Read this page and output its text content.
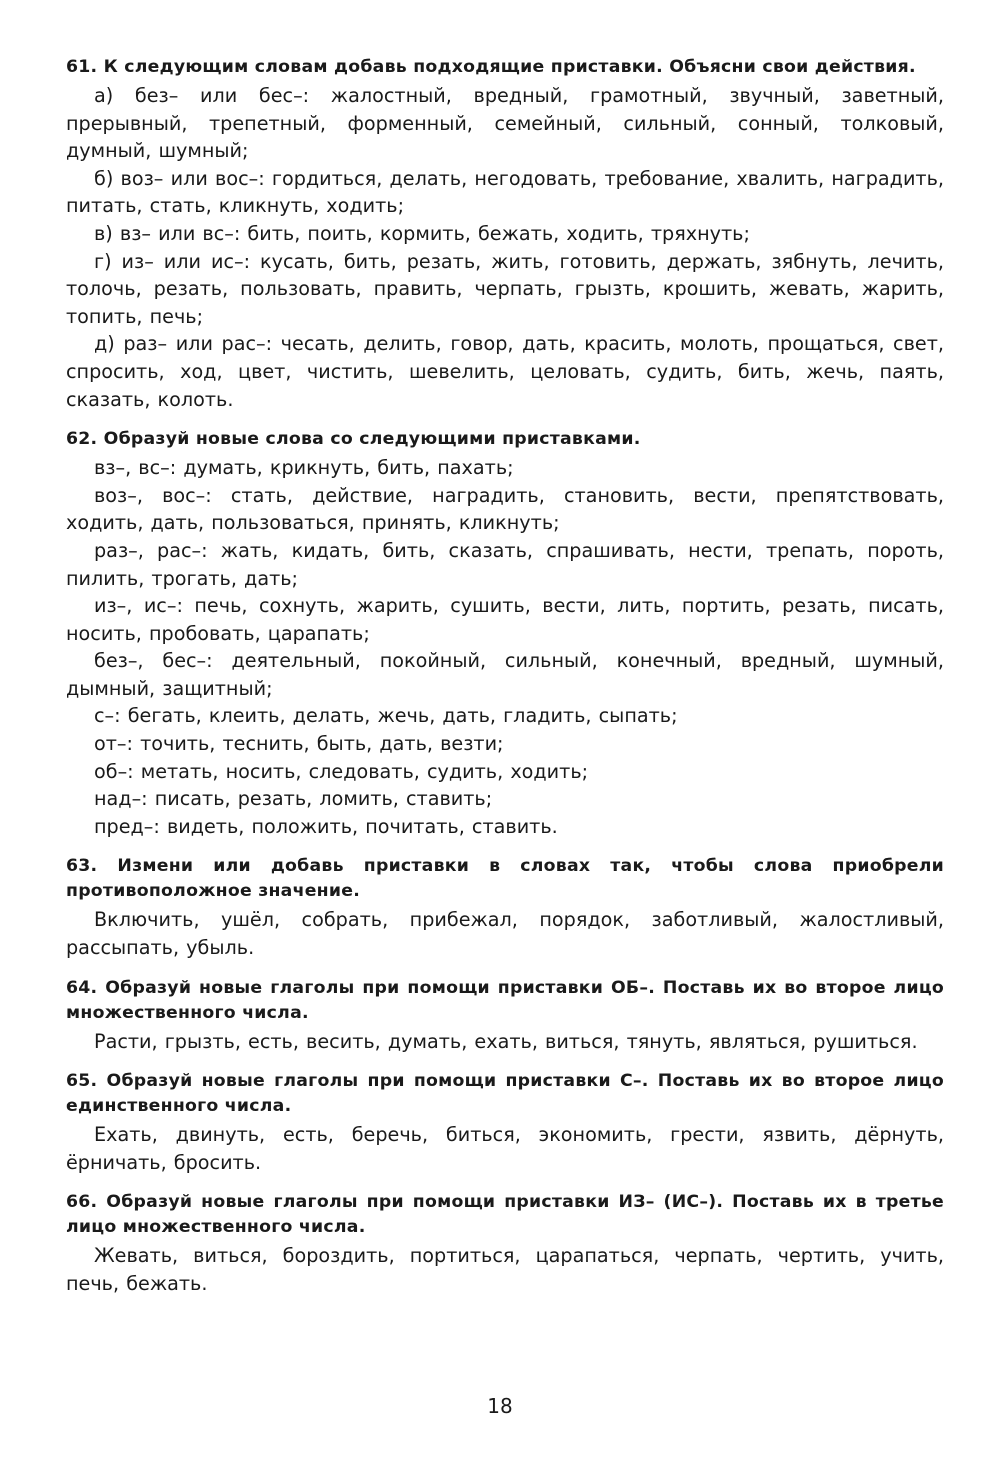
61. К следующим словам добавь подходящие приставки. Объясни свои действия.

а) без– или бес–: жалостный, вредный, грамотный, звучный, заветный, прерывный, трепетный, форменный, семейный, сильный, сонный, толковый, думный, шумный;

б) воз– или вос–: гордиться, делать, негодовать, требование, хвалить, наградить, питать, стать, кликнуть, ходить;

в) вз– или вс–: бить, поить, кормить, бежать, ходить, тряхнуть;

г) из– или ис–: кусать, бить, резать, жить, готовить, держать, зябнуть, лечить, толочь, резать, пользовать, править, черпать, грызть, крошить, жевать, жарить, топить, печь;

д) раз– или рас–: чесать, делить, говор, дать, красить, молоть, прощаться, свет, спросить, ход, цвет, чистить, шевелить, целовать, судить, бить, жечь, паять, сказать, колоть.

62. Образуй новые слова со следующими приставками.

вз–, вс–: думать, крикнуть, бить, пахать;

воз–, вос–: стать, действие, наградить, становить, вести, препятствовать, ходить, дать, пользоваться, принять, кликнуть;

раз–, рас–: жать, кидать, бить, сказать, спрашивать, нести, трепать, пороть, пилить, трогать, дать;

из–, ис–: печь, сохнуть, жарить, сушить, вести, лить, портить, резать, писать, носить, пробовать, царапать;

без–, бес–: деятельный, покойный, сильный, конечный, вредный, шумный, дымный, защитный;

с–: бегать, клеить, делать, жечь, дать, гладить, сыпать;

от–: точить, теснить, быть, дать, везти;

об–: метать, носить, следовать, судить, ходить;

над–: писать, резать, ломить, ставить;

пред–: видеть, положить, почитать, ставить.

63. Измени или добавь приставки в словах так, чтобы слова приобрели противоположное значение.

Включить, ушёл, собрать, прибежал, порядок, заботливый, жалостливый, рассыпать, убыль.

64. Образуй новые глаголы при помощи приставки ОБ–. Поставь их во второе лицо множественного числа.

Расти, грызть, есть, весить, думать, ехать, виться, тянуть, являться, рушиться.

65. Образуй новые глаголы при помощи приставки С–. Поставь их во второе лицо единственного числа.

Ехать, двинуть, есть, беречь, биться, экономить, грести, язвить, дёрнуть, ёрничать, бросить.

66. Образуй новые глаголы при помощи приставки ИЗ– (ИС–). Поставь их в третье лицо множественного числа.

Жевать, виться, бороздить, портиться, царапаться, черпать, чертить, учить, печь, бежать.

18
